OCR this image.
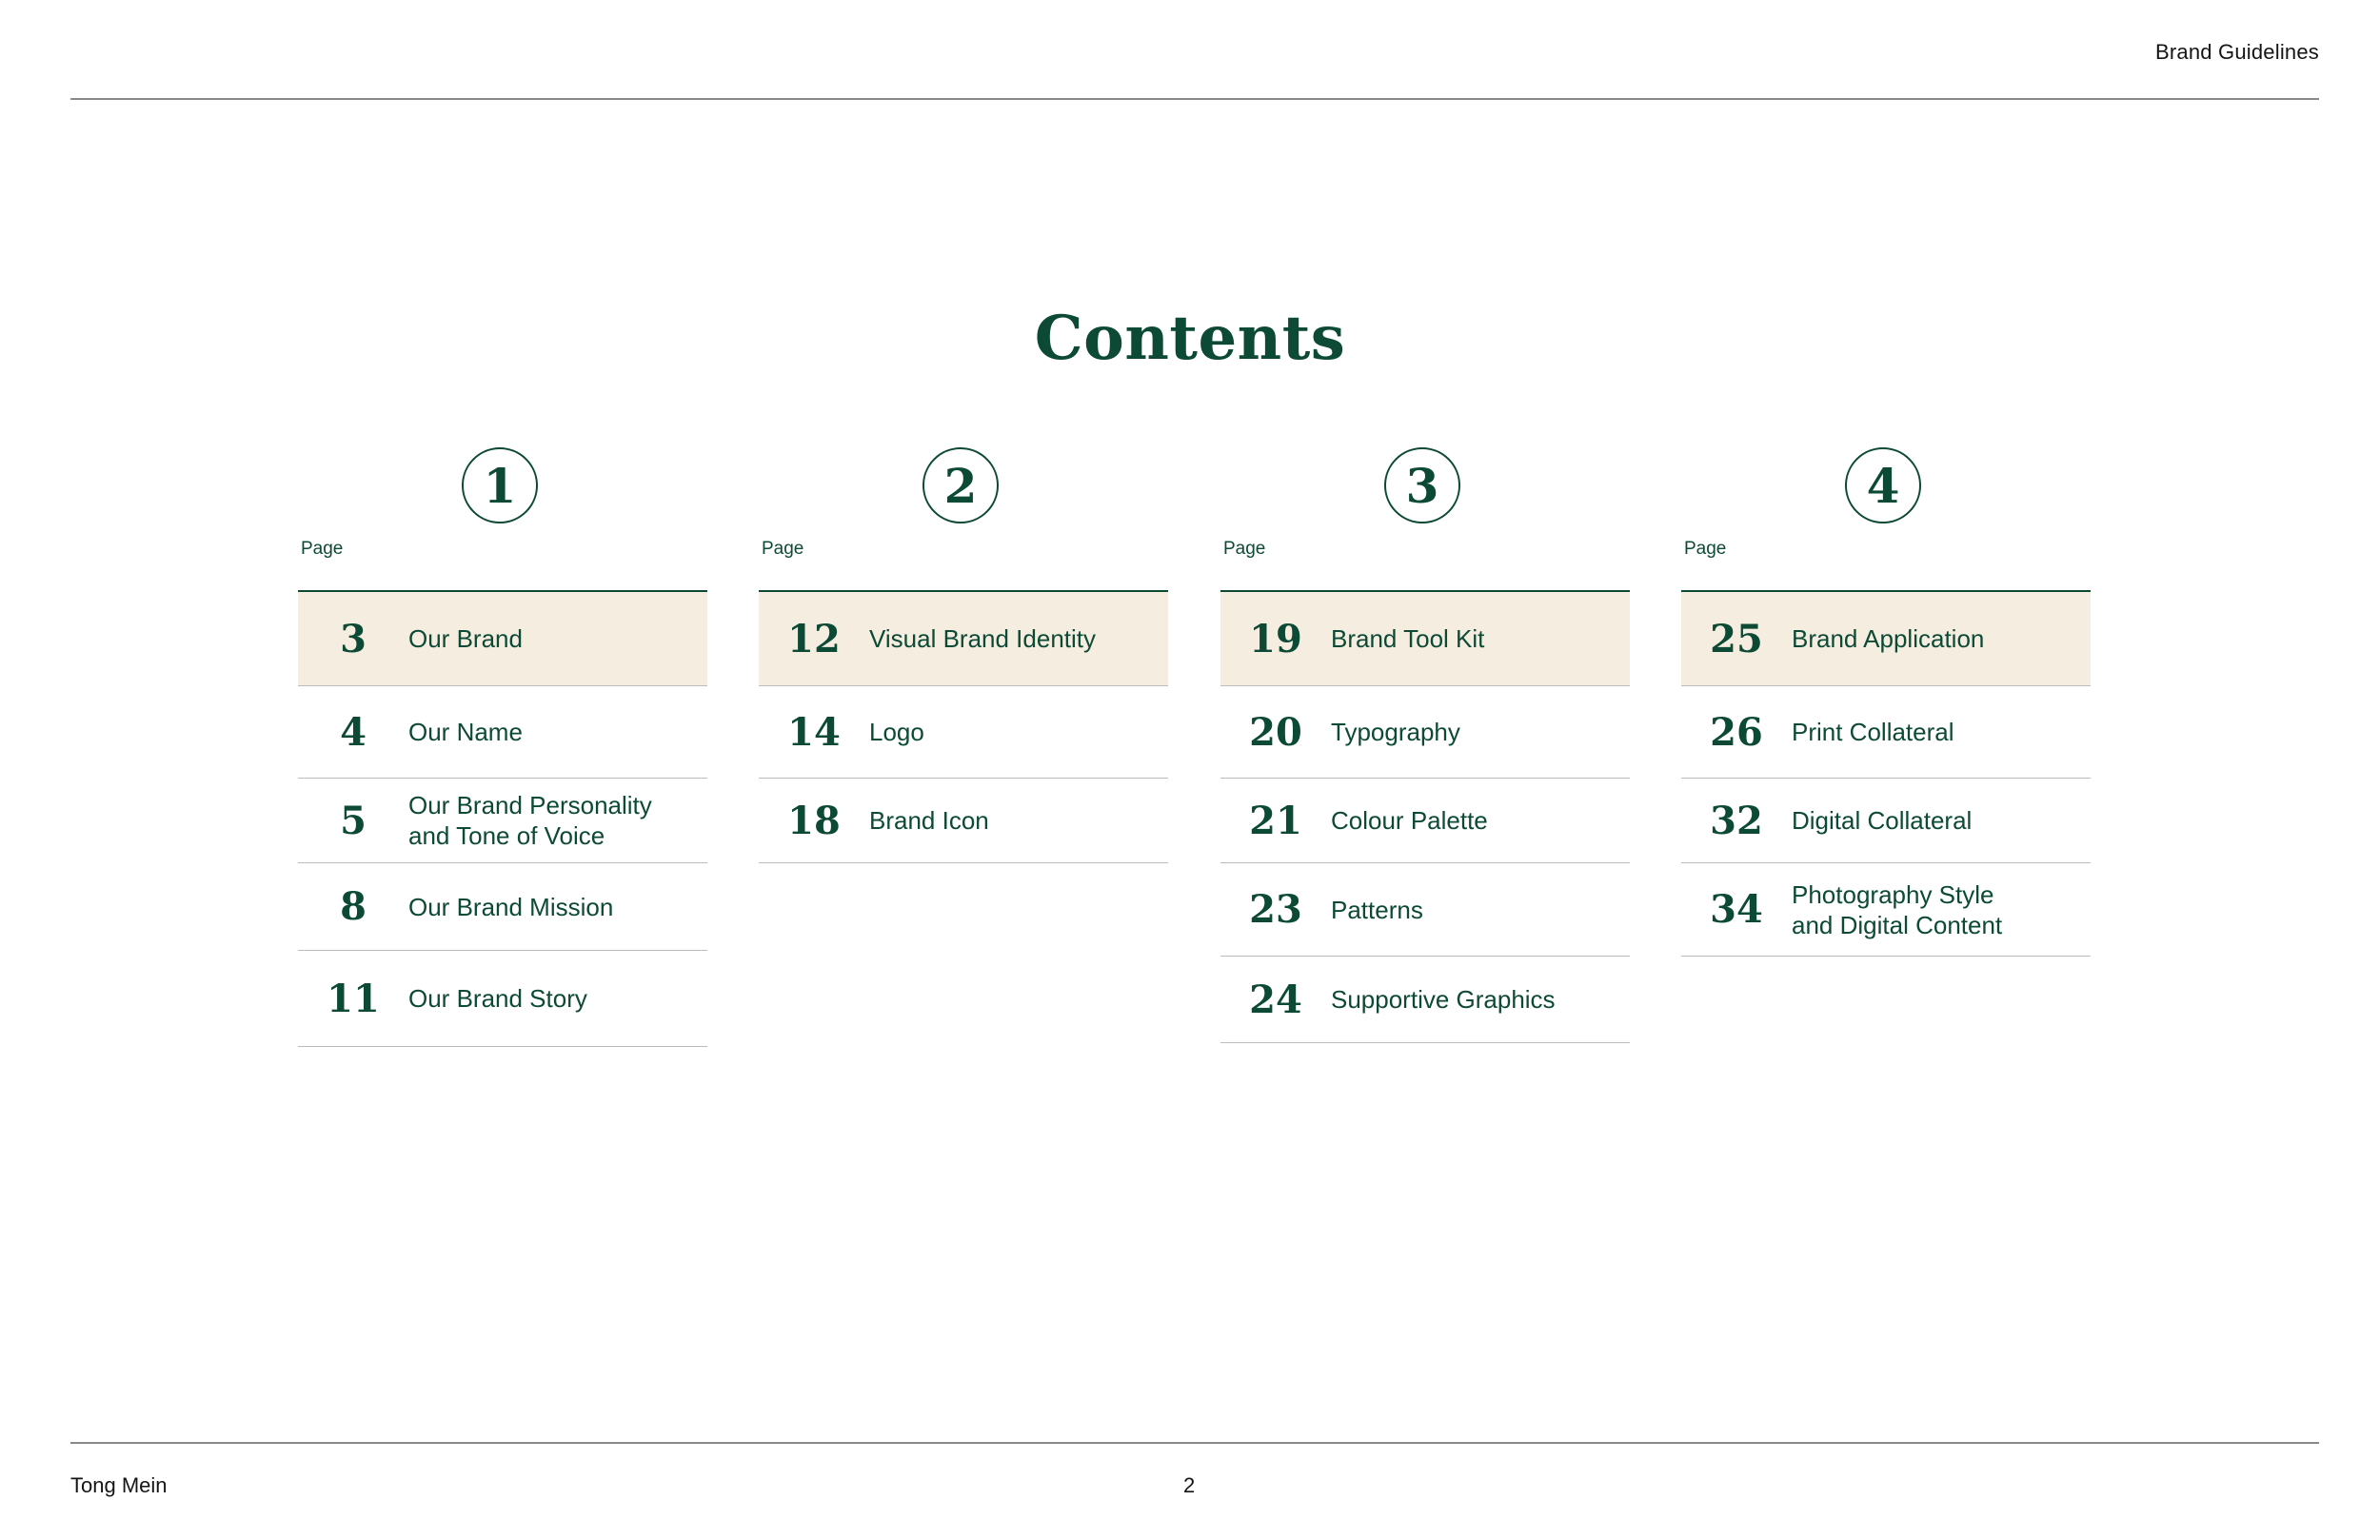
Brand Guidelines
Contents
1
Page
3	Our Brand
4	Our Name
5	Our Brand Personality
and Tone of Voice
8	Our Brand Mission
11	Our Brand Story
2
Page
12	Visual Brand Identity
14	Logo
18	Brand Icon
3
Page
19	Brand Tool Kit
20	Typography
21	Colour Palette
23	Patterns
24	Supportive Graphics
4
Page
25	Brand Application
26	Print Collateral
32	Digital Collateral
34	Photography Style
and Digital Content
Tong Mein	2
